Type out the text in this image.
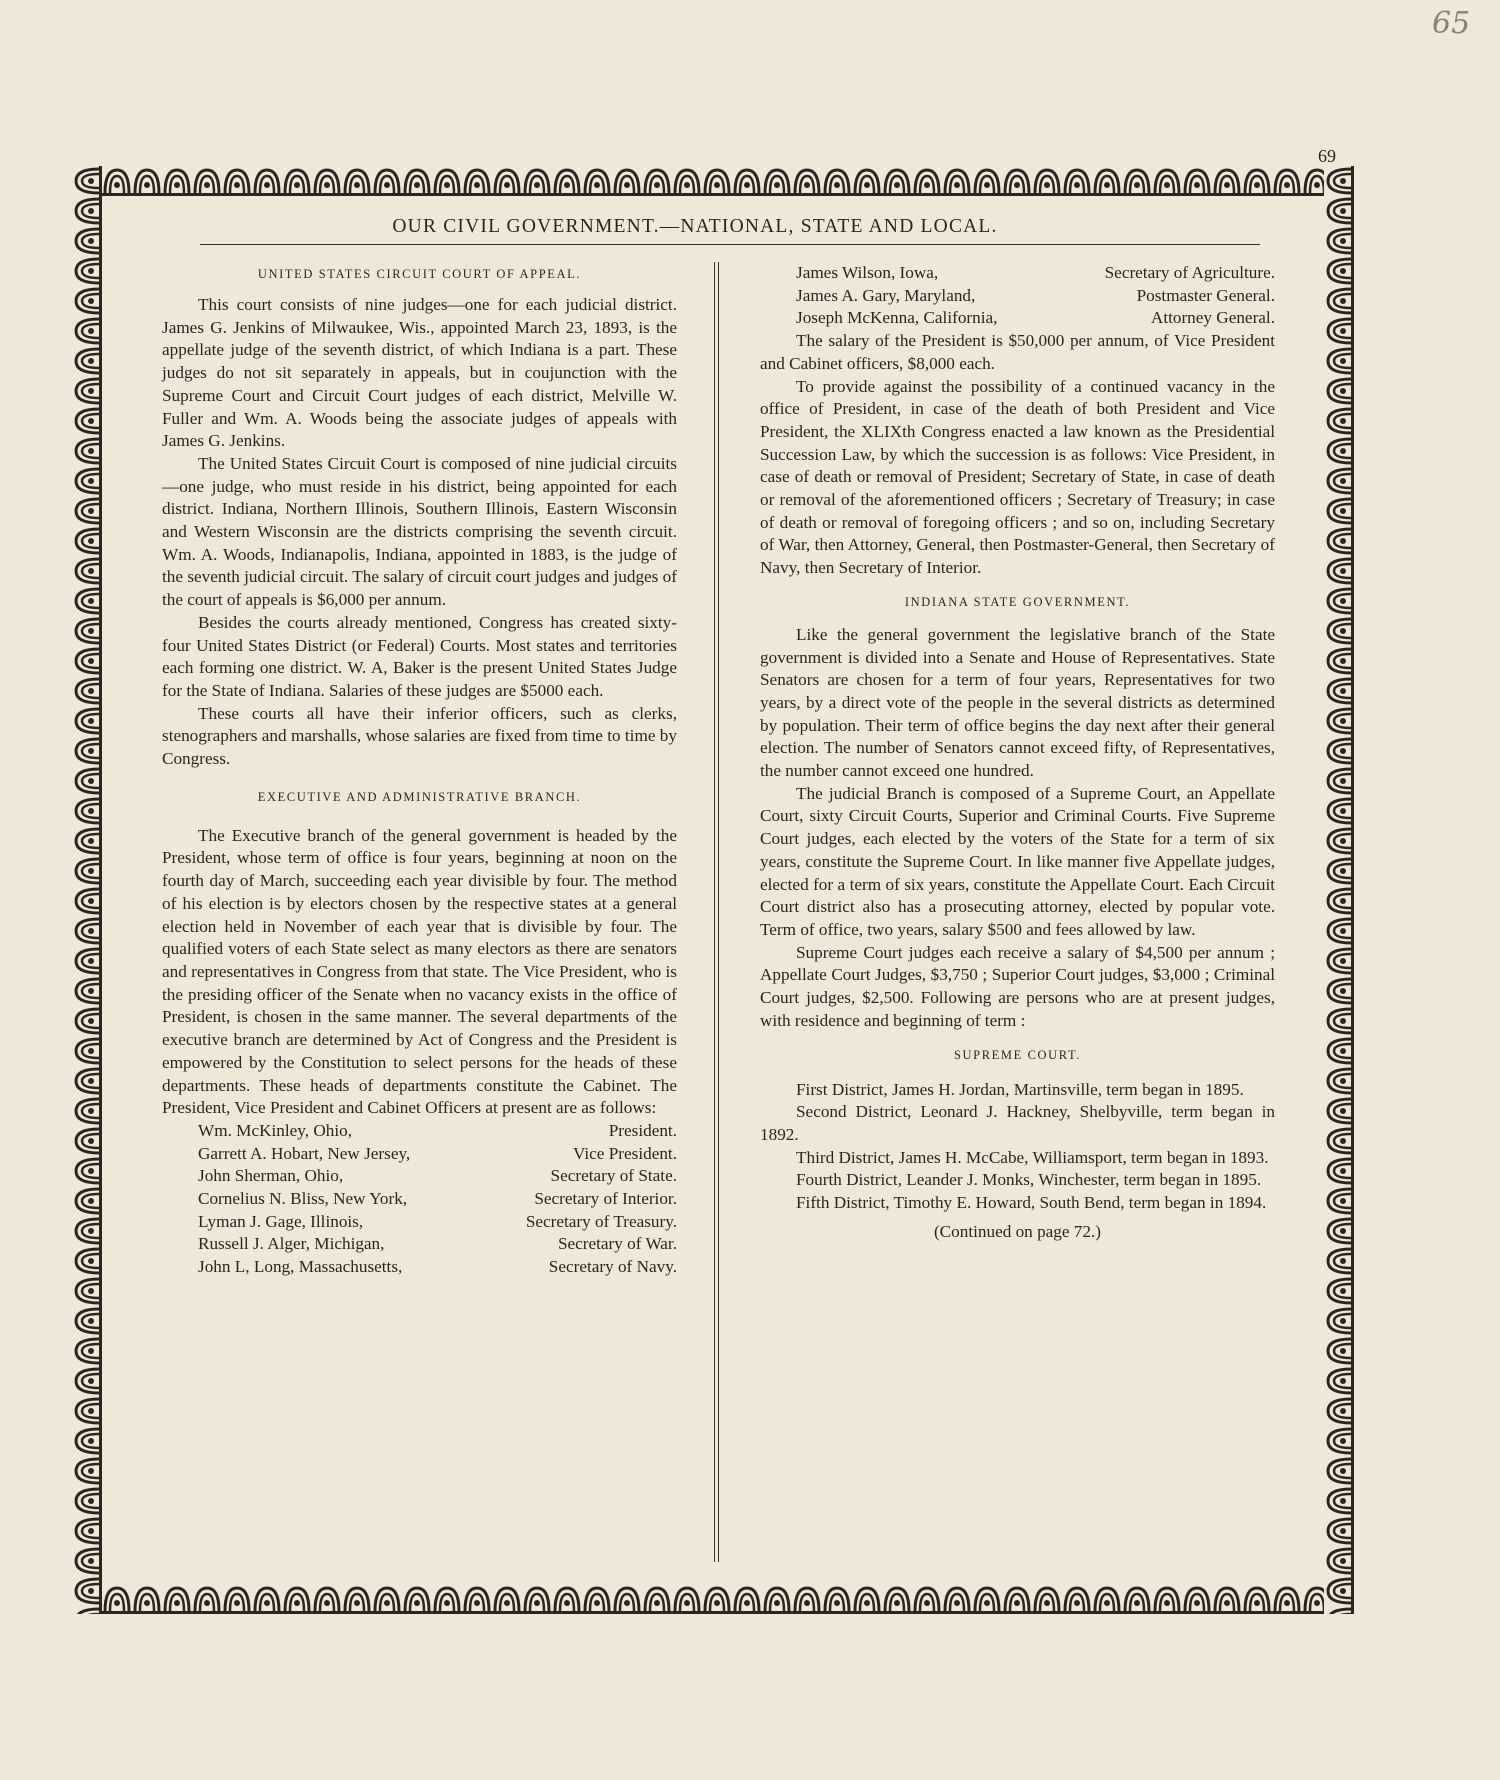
65
69
OUR CIVIL GOVERNMENT.—NATIONAL, STATE AND LOCAL.
UNITED STATES CIRCUIT COURT OF APPEAL.

This court consists of nine judges—one for each judicial district. James G. Jenkins of Milwaukee, Wis., appointed March 23, 1893, is the appellate judge of the seventh district, of which Indiana is a part. These judges do not sit separately in appeals, but in coujunction with the Supreme Court and Circuit Court judges of each district, Melville W. Fuller and Wm. A. Woods being the associate judges of appeals with James G. Jenkins.

The United States Circuit Court is composed of nine judicial circuits—one judge, who must reside in his district, being appointed for each district. Indiana, Northern Illinois, Southern Illinois, Eastern Wisconsin and Western Wisconsin are the districts comprising the seventh circuit. Wm. A. Woods, Indianapolis, Indiana, appointed in 1883, is the judge of the seventh judicial circuit. The salary of circuit court judges and judges of the court of appeals is $6,000 per annum.

Besides the courts already mentioned, Congress has created sixty-four United States District (or Federal) Courts. Most states and territories each forming one district. W. A, Baker is the present United States Judge for the State of Indiana. Salaries of these judges are $5000 each.

These courts all have their inferior officers, such as clerks, stenographers and marshalls, whose salaries are fixed from time to time by Congress.

EXECUTIVE AND ADMINISTRATIVE BRANCH.

The Executive branch of the general government is headed by the President, whose term of office is four years, beginning at noon on the fourth day of March, succeeding each year divisible by four. The method of his election is by electors chosen by the respective states at a general election held in November of each year that is divisible by four. The qualified voters of each State select as many electors as there are senators and representatives in Congress from that state. The Vice President, who is the presiding officer of the Senate when no vacancy exists in the office of President, is chosen in the same manner. The several departments of the executive branch are determined by Act of Congress and the President is empowered by the Constitution to select persons for the heads of these departments. These heads of departments constitute the Cabinet. The President, Vice President and Cabinet Officers at present are as follows:

Wm. McKinley, Ohio,	President.
Garrett A. Hobart, New Jersey,	Vice President.
John Sherman, Ohio,	Secretary of State.
Cornelius N. Bliss, New York,	Secretary of Interior.
Lyman J. Gage, Illinois,	Secretary of Treasury.
Russell J. Alger, Michigan,	Secretary of War.
John L, Long, Massachusetts,	Secretary of Navy.
James Wilson, Iowa,	Secretary of Agriculture.
James A. Gary, Maryland,	Postmaster General.
Joseph McKenna, California,	Attorney General.

The salary of the President is $50,000 per annum, of Vice President and Cabinet officers, $8,000 each.

To provide against the possibility of a continued vacancy in the office of President, in case of the death of both President and Vice President, the XLIXth Congress enacted a law known as the Presidential Succession Law, by which the succession is as follows: Vice President, in case of death or removal of President; Secretary of State, in case of death or removal of the aforementioned officers ; Secretary of Treasury; in case of death or removal of foregoing officers ; and so on, including Secretary of War, then Attorney, General, then Postmaster-General, then Secretary of Navy, then Secretary of Interior.

INDIANA STATE GOVERNMENT.

Like the general government the legislative branch of the State government is divided into a Senate and House of Representatives. State Senators are chosen for a term of four years, Representatives for two years, by a direct vote of the people in the several districts as determined by population. Their term of office begins the day next after their general election. The number of Senators cannot exceed fifty, of Representatives, the number cannot exceed one hundred.

The judicial Branch is composed of a Supreme Court, an Appellate Court, sixty Circuit Courts, Superior and Criminal Courts. Five Supreme Court judges, each elected by the voters of the State for a term of six years, constitute the Supreme Court. In like manner five Appellate judges, elected for a term of six years, constitute the Appellate Court. Each Circuit Court district also has a prosecuting attorney, elected by popular vote. Term of office, two years, salary $500 and fees allowed by law.

Supreme Court judges each receive a salary of $4,500 per annum ; Appellate Court Judges, $3,750 ; Superior Court judges, $3,000 ; Criminal Court judges, $2,500. Following are persons who are at present judges, with residence and beginning of term :

SUPREME COURT.

First District, James H. Jordan, Martinsville, term began in 1895.

Second District, Leonard J. Hackney, Shelbyville, term began in 1892.

Third District, James H. McCabe, Williamsport, term began in 1893.

Fourth District, Leander J. Monks, Winchester, term began in 1895.

Fifth District, Timothy E. Howard, South Bend, term began in 1894.

(Continued on page 72.)
